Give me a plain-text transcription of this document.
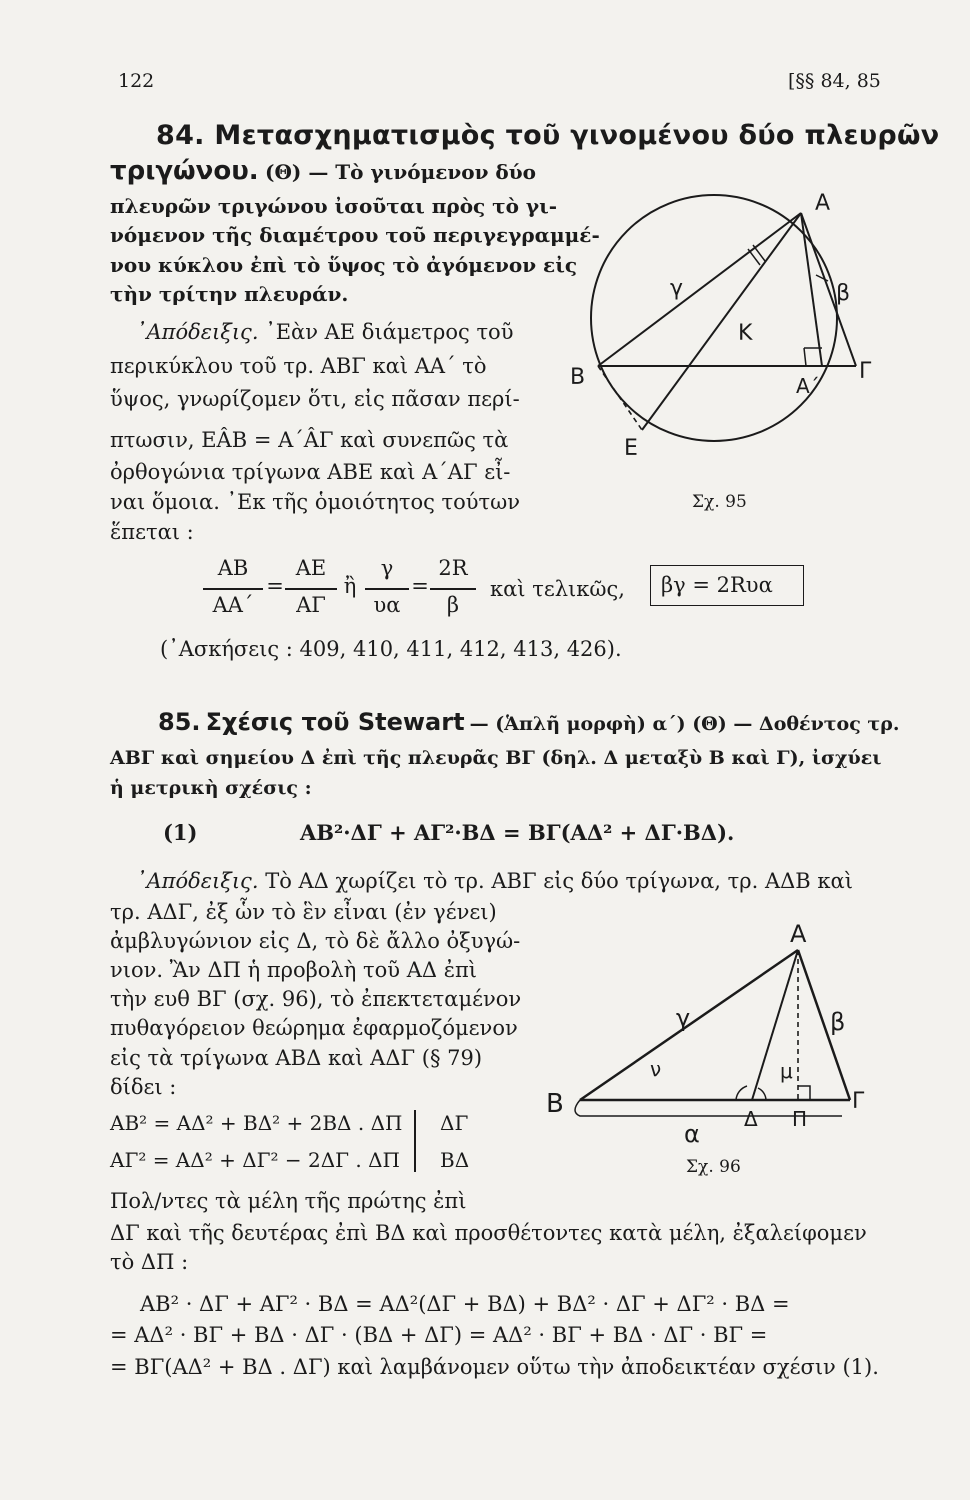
122	[§§ 84, 85
84. Μετασχηματισμὸς τοῦ γινομένου δύο πλευρῶν
τριγώνου. (Θ) — Τὸ γινόμενον δύο
πλευρῶν τριγώνου ἰσοῦται πρὸς τὸ γι-
νόμενον τῆς διαμέτρου τοῦ περιγεγραμμέ-
νου κύκλου ἐπὶ τὸ ὕψος τὸ ἀγόμενον εἰς
τὴν τρίτην πλευράν.
᾿Απόδειξις. ᾿Εὰν ΑΕ διάμετρος τοῦ
περικύκλου τοῦ τρ. ΑΒΓ καὶ ΑΑ΄ τὸ
ὕψος, γνωρίζομεν ὅτι, εἰς πᾶσαν περί-
πτωσιν, ΕÂΒ = Α΄ÂΓ καὶ συνεπῶς τὰ
ὀρθογώνια τρίγωνα ΑΒΕ καὶ Α΄ΑΓ εἶ-
ναι ὅμοια. ᾿Εκ τῆς ὁμοιότητος τούτων
ἕπεται :
ΑΒ
ΑΑ΄
=
ΑΕ
ΑΓ
ἢ
γ
υα
=
2R
β
καὶ τελικῶς,	βγ = 2Rυα
(᾿Ασκήσεις : 409, 410, 411, 412, 413, 426).
Α
Β	Γ
Ε
Κ
Α΄
γ	β
Σχ. 95
85. Σχέσις τοῦ Stewart — (Ἁπλῆ μορφὴ) α΄) (Θ) — Δοθέντος τρ.
ΑΒΓ καὶ σημείου Δ ἐπὶ τῆς πλευρᾶς ΒΓ (δηλ. Δ μεταξὺ Β καὶ Γ), ἰσχύει
ἡ μετρικὴ σχέσις :
(1)	ΑΒ²·ΔΓ + ΑΓ²·ΒΔ = ΒΓ(ΑΔ² + ΔΓ·ΒΔ).
᾿Απόδειξις. Τὸ ΑΔ χωρίζει τὸ τρ. ΑΒΓ εἰς δύο τρίγωνα, τρ. ΑΔΒ καὶ
τρ. ΑΔΓ, ἐξ ὧν τὸ ἓν εἶναι (ἐν γένει)
ἀμβλυγώνιον εἰς Δ, τὸ δὲ ἄλλο ὀξυγώ-
νιον. Ἂν ΔΠ ἡ προβολὴ τοῦ ΑΔ ἐπὶ
τὴν ευθ ΒΓ (σχ. 96), τὸ ἐπεκτεταμένον
πυθαγόρειον θεώρημα ἐφαρμοζόμενον
εἰς τὰ τρίγωνα ΑΒΔ καὶ ΑΔΓ (§ 79)
δίδει :
ΑΒ² = ΑΔ² + ΒΔ² + 2ΒΔ . ΔΠ ΔΓ
ΑΓ² = ΑΔ² + ΔΓ² − 2ΔΓ . ΔΠ ΒΔ
Πολ/ντες τὰ μέλη τῆς πρώτης ἐπὶ
ΔΓ καὶ τῆς δευτέρας ἐπὶ ΒΔ καὶ προσθέτοντες κατὰ μέλη, ἐξαλείφομεν
τὸ ΔΠ :
ΑΒ² · ΔΓ + ΑΓ² · ΒΔ = ΑΔ²(ΔΓ + ΒΔ) + ΒΔ² · ΔΓ + ΔΓ² · ΒΔ =
= ΑΔ² · ΒΓ + ΒΔ · ΔΓ · (ΒΔ + ΔΓ) = ΑΔ² · ΒΓ + ΒΔ · ΔΓ · ΒΓ =
= ΒΓ(ΑΔ² + ΒΔ . ΔΓ) καὶ λαμβάνομεν οὕτω τὴν ἀποδεικτέαν σχέσιν (1).
Α
Β	Γ
Δ Π
γ	β
ν	μ
α
Σχ. 96
